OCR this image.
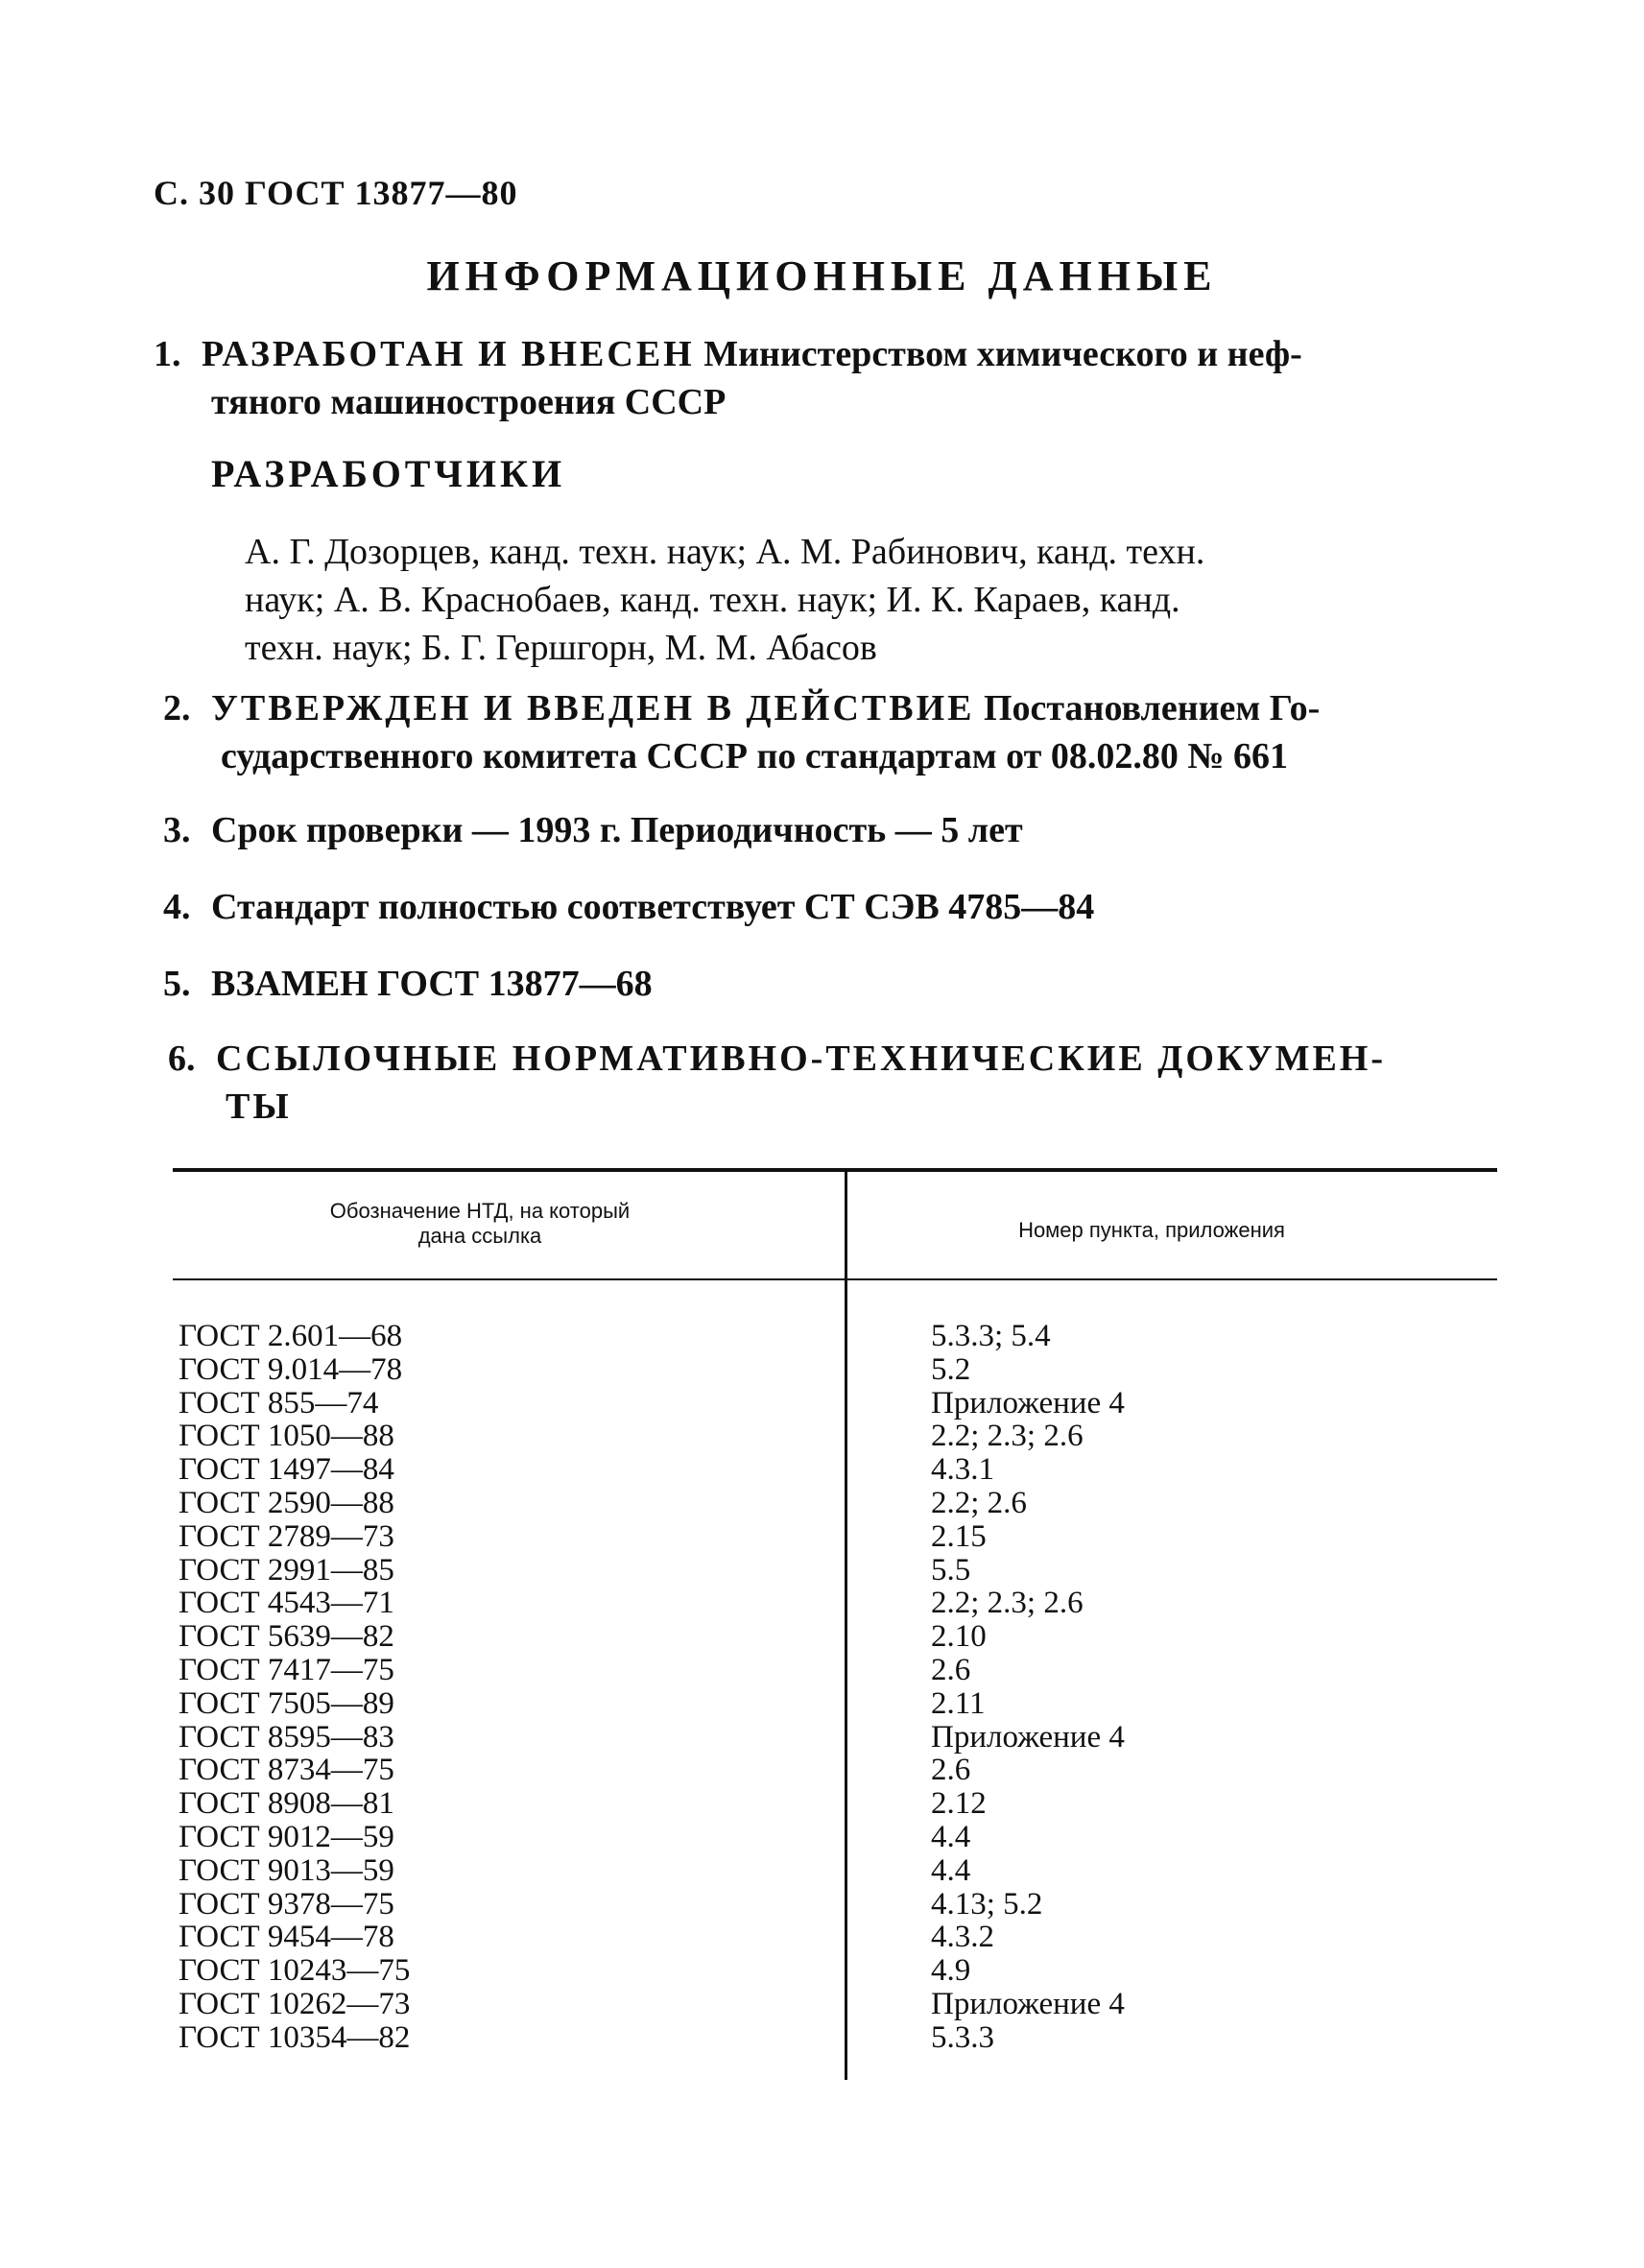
С. 30 ГОСТ 13877—80
ИНФОРМАЦИОННЫЕ ДАННЫЕ
1. РАЗРАБОТАН И ВНЕСЕН Министерством химического и неф-
тяного машиностроения СССР
РАЗРАБОТЧИКИ
А. Г. Дозорцев, канд. техн. наук; А. М. Рабинович, канд. техн.
наук; А. В. Краснобаев, канд. техн. наук; И. К. Караев, канд.
техн. наук; Б. Г. Гершгорн, М. М. Абасов
2. УТВЕРЖДЕН И ВВЕДЕН В ДЕЙСТВИЕ Постановлением Го-
сударственного комитета СССР по стандартам от 08.02.80 № 661
3. Срок проверки — 1993 г. Периодичность — 5 лет
4. Стандарт полностью соответствует СТ СЭВ 4785—84
5. ВЗАМЕН ГОСТ 13877—68
6. ССЫЛОЧНЫЕ НОРМАТИВНО-ТЕХНИЧЕСКИЕ ДОКУМЕН-
ТЫ
Обозначение НТД, на который
дана ссылка	Номер пункта, приложения
ГОСТ 2.601—68	5.3.3; 5.4
ГОСТ 9.014—78	5.2
ГОСТ 855—74	Приложение 4
ГОСТ 1050—88	2.2; 2.3; 2.6
ГОСТ 1497—84	4.3.1
ГОСТ 2590—88	2.2; 2.6
ГОСТ 2789—73	2.15
ГОСТ 2991—85	5.5
ГОСТ 4543—71	2.2; 2.3; 2.6
ГОСТ 5639—82	2.10
ГОСТ 7417—75	2.6
ГОСТ 7505—89	2.11
ГОСТ 8595—83	Приложение 4
ГОСТ 8734—75	2.6
ГОСТ 8908—81	2.12
ГОСТ 9012—59	4.4
ГОСТ 9013—59	4.4
ГОСТ 9378—75	4.13; 5.2
ГОСТ 9454—78	4.3.2
ГОСТ 10243—75	4.9
ГОСТ 10262—73	Приложение 4
ГОСТ 10354—82	5.3.3
